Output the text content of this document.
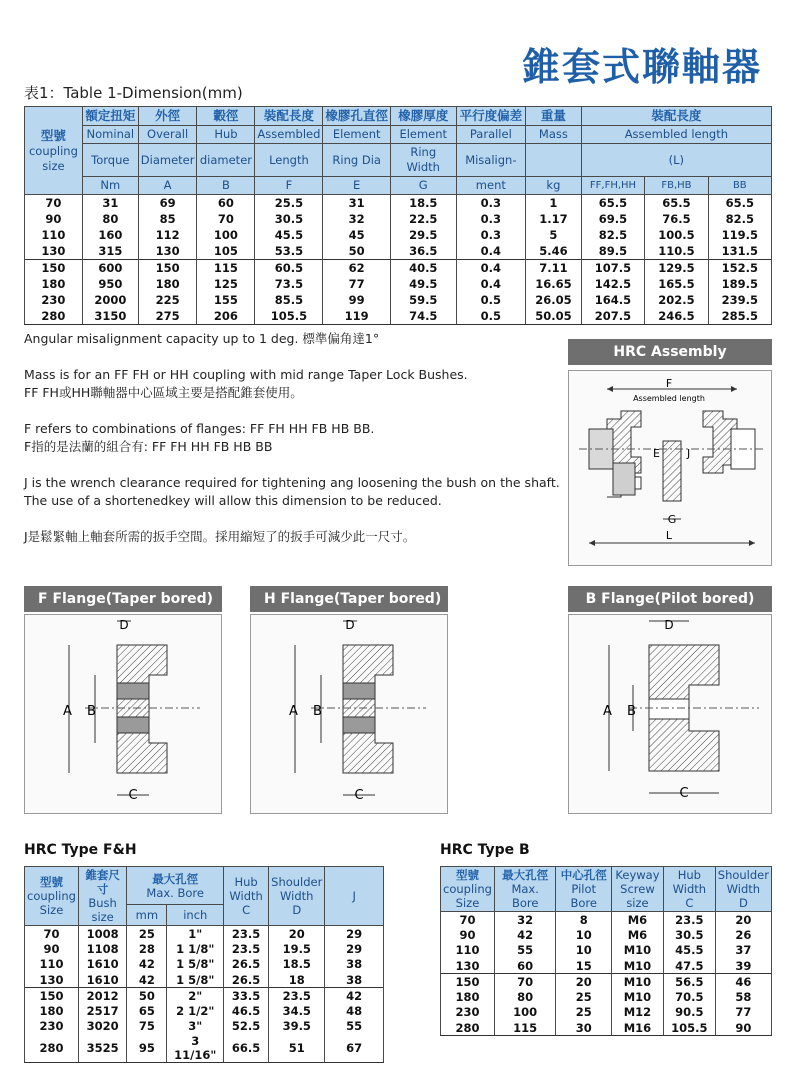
錐套式聯軸器
表1：Table 1-Dimension(mm)
型號
coupling
size	額定扭矩	外徑	轂徑	裝配長度	橡膠孔直徑	橡膠厚度	平行度偏差	重量	裝配長度		
	Nominal	Overall	Hub	Assembled	Element	Element	Parallel	Mass	Assembled length		
	Torque	Diameter	diameter	Length	Ring Dia	Ring Width	Misalign-		(L)		
	Nm	A	B	F	E	G	ment	kg	FF,FH,HH	FB,HB	BB
70	31	69	60	25.5	31	18.5	0.3	1	65.5	65.5	65.5
90	80	85	70	30.5	32	22.5	0.3	1.17	69.5	76.5	82.5
110	160	112	100	45.5	45	29.5	0.3	5	82.5	100.5	119.5
130	315	130	105	53.5	50	36.5	0.4	5.46	89.5	110.5	131.5
150	600	150	115	60.5	62	40.5	0.4	7.11	107.5	129.5	152.5
180	950	180	125	73.5	77	49.5	0.4	16.65	142.5	165.5	189.5
230	2000	225	155	85.5	99	59.5	0.5	26.05	164.5	202.5	239.5
280	3150	275	206	105.5	119	74.5	0.5	50.05	207.5	246.5	285.5

Angular misalignment capacity up to 1 deg. 標準偏角達1°

Mass is for an FF FH or HH coupling with mid range Taper Lock Bushes.

FF FH或HH聯軸器中心區域主要是搭配錐套使用。

F refers to combinations of flanges: FF FH HH FB HB BB.

F指的是法蘭的組合有: FF FH HH FB HB BB

J is the wrench clearance required for tightening ang loosening the bush on the shaft.

The use of a shortenedkey will allow this dimension to be reduced.

J是鬆緊軸上軸套所需的扳手空間。採用縮短了的扳手可減少此一尺寸。

HRC Assembly
F
Assembled length
E J
G
L
F Flange(Taper bored)
D
A B
C
H Flange(Taper bored)
D
A B
C
B Flange(Pilot bored)
D
A B
C
HRC Type F&H
型號
coupling
Size	錐套尺寸
Bush
size	最大孔徑
Max. Bore		Hub
Width
C	Shoulder
Width
D	J
		mm	inch			
70	1008	25	1"	23.5	20	29
90	1108	28	1 1/8"	23.5	19.5	29
110	1610	42	1 5/8"	26.5	18.5	38
130	1610	42	1 5/8"	26.5	18	38
150	2012	50	2"	33.5	23.5	42
180	2517	65	2 1/2"	46.5	34.5	48
230	3020	75	3"	52.5	39.5	55
280	3525	95	3 11/16"	66.5	51	67
HRC Type B
型號
coupling
Size	最大孔徑
Max. Bore	中心孔徑
Pilot Bore	Keyway
Screw
size	Hub
Width
C	Shoulder
Width
D
70	32	8	M6	23.5	20
90	42	10	M6	30.5	26
110	55	10	M10	45.5	37
130	60	15	M10	47.5	39
150	70	20	M10	56.5	46
180	80	25	M10	70.5	58
230	100	25	M12	90.5	77
280	115	30	M16	105.5	90
